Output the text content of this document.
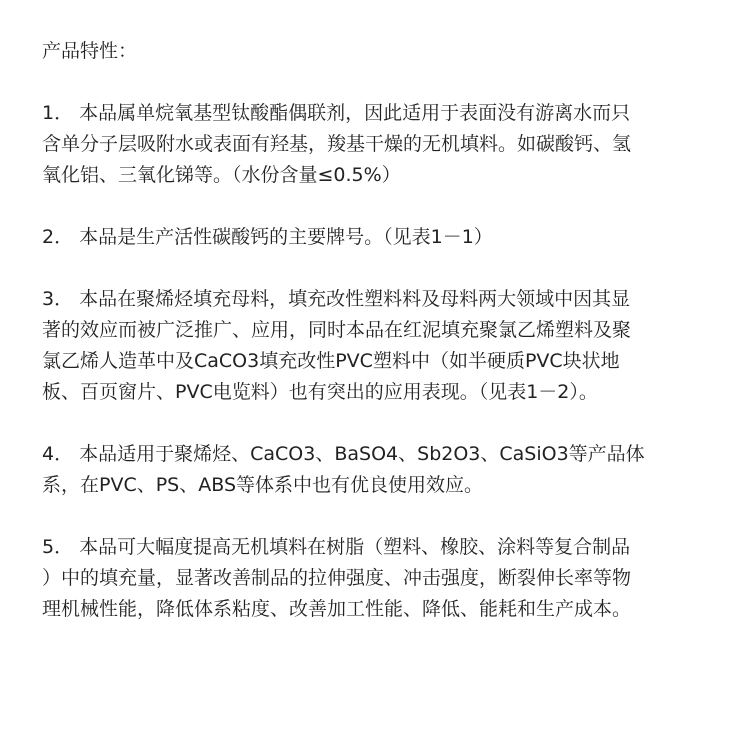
产品特性：

1． 本品属单烷氧基型钛酸酯偶联剂，因此适用于表面没有游离水而只
含单分子层吸附水或表面有羟基，羧基干燥的无机填料。如碳酸钙、氢
氧化铝、三氧化锑等。（水份含量≤0.5%）

2． 本品是生产活性碳酸钙的主要牌号。（见表1－1）

3． 本品在聚烯烃填充母料，填充改性塑料料及母料两大领域中因其显
著的效应而被广泛推广、应用，同时本品在红泥填充聚氯乙烯塑料及聚
氯乙烯人造革中及CaCO3填充改性PVC塑料中（如半硬质PVC块状地
板、百页窗片、PVC电览料）也有突出的应用表现。（见表1－2）。

4． 本品适用于聚烯烃、CaCO3、BaSO4、Sb2O3、CaSiO3等产品体
系，在PVC、PS、ABS等体系中也有优良使用效应。

5． 本品可大幅度提高无机填料在树脂（塑料、橡胶、涂料等复合制品
）中的填充量，显著改善制品的拉伸强度、冲击强度，断裂伸长率等物
理机械性能，降低体系粘度、改善加工性能、降低、能耗和生产成本。
